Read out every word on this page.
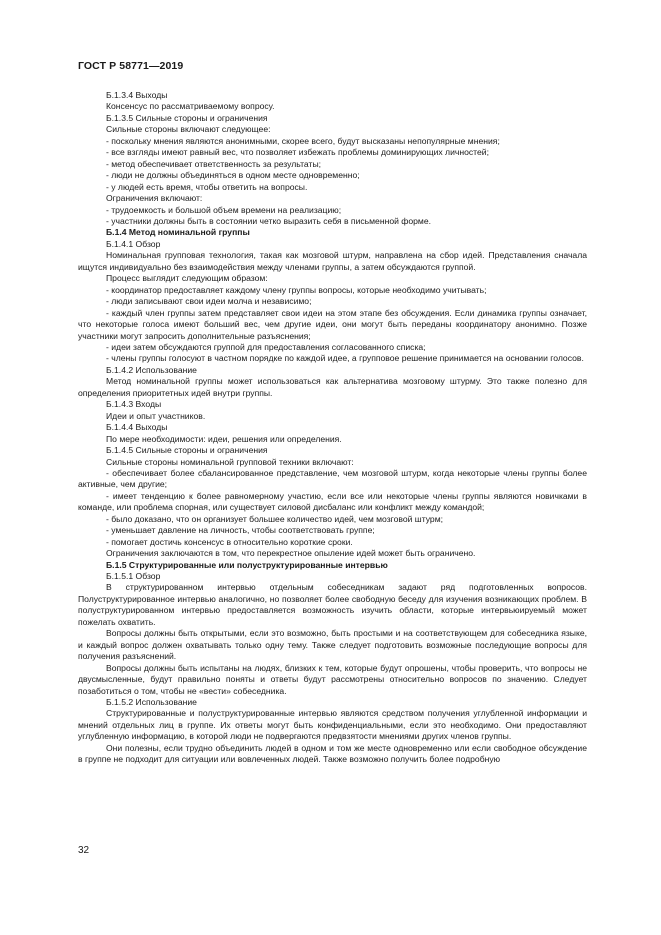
ГОСТ Р 58771—2019

Б.1.3.4 Выходы

Консенсус по рассматриваемому вопросу.

Б.1.3.5 Сильные стороны и ограничения

Сильные стороны включают следующее:

- поскольку мнения являются анонимными, скорее всего, будут высказаны непопулярные мнения;

- все взгляды имеют равный вес, что позволяет избежать проблемы доминирующих личностей;

- метод обеспечивает ответственность за результаты;

- люди не должны объединяться в одном месте одновременно;

- у людей есть время, чтобы ответить на вопросы.

Ограничения включают:

- трудоемкость и большой объем времени на реализацию;

- участники должны быть в состоянии четко выразить себя в письменной форме.

Б.1.4 Метод номинальной группы

Б.1.4.1 Обзор

Номинальная групповая технология, такая как мозговой штурм, направлена на сбор идей. Представления сначала ищутся индивидуально без взаимодействия между членами группы, а затем обсуждаются группой.

Процесс выглядит следующим образом:

- координатор предоставляет каждому члену группы вопросы, которые необходимо учитывать;

- люди записывают свои идеи молча и независимо;

- каждый член группы затем представляет свои идеи на этом этапе без обсуждения. Если динамика группы означает, что некоторые голоса имеют больший вес, чем другие идеи, они могут быть переданы координатору анонимно. Позже участники могут запросить дополнительные разъяснения;

- идеи затем обсуждаются группой для предоставления согласованного списка;

- члены группы голосуют в частном порядке по каждой идее, а групповое решение принимается на основании голосов.

Б.1.4.2 Использование

Метод номинальной группы может использоваться как альтернатива мозговому штурму. Это также полезно для определения приоритетных идей внутри группы.

Б.1.4.3 Входы

Идеи и опыт участников.

Б.1.4.4 Выходы

По мере необходимости: идеи, решения или определения.

Б.1.4.5 Сильные стороны и ограничения

Сильные стороны номинальной групповой техники включают:

- обеспечивает более сбалансированное представление, чем мозговой штурм, когда некоторые члены группы более активные, чем другие;

- имеет тенденцию к более равномерному участию, если все или некоторые члены группы являются новичками в команде, или проблема спорная, или существует силовой дисбаланс или конфликт между командой;

- было доказано, что он организует большее количество идей, чем мозговой штурм;

- уменьшает давление на личность, чтобы соответствовать группе;

- помогает достичь консенсус в относительно короткие сроки.

Ограничения заключаются в том, что перекрестное опыление идей может быть ограничено.

Б.1.5 Структурированные или полуструктурированные интервью

Б.1.5.1 Обзор

В структурированном интервью отдельным собеседникам задают ряд подготовленных вопросов. Полуструктурированное интервью аналогично, но позволяет более свободную беседу для изучения возникающих проблем. В полуструктурированном интервью предоставляется возможность изучить области, которые интервьюируемый может пожелать охватить.

Вопросы должны быть открытыми, если это возможно, быть простыми и на соответствующем для собеседника языке, и каждый вопрос должен охватывать только одну тему. Также следует подготовить возможные последующие вопросы для получения разъяснений.

Вопросы должны быть испытаны на людях, близких к тем, которые будут опрошены, чтобы проверить, что вопросы не двусмысленные, будут правильно поняты и ответы будут рассмотрены относительно вопросов по значению. Следует позаботиться о том, чтобы не «вести» собеседника.

Б.1.5.2 Использование

Структурированные и полуструктурированные интервью являются средством получения углубленной информации и мнений отдельных лиц в группе. Их ответы могут быть конфиденциальными, если это необходимо. Они предоставляют углубленную информацию, в которой люди не подвергаются предвзятости мнениями других членов группы.

Они полезны, если трудно объединить людей в одном и том же месте одновременно или если свободное обсуждение в группе не подходит для ситуации или вовлеченных людей. Также возможно получить более подробную

32
